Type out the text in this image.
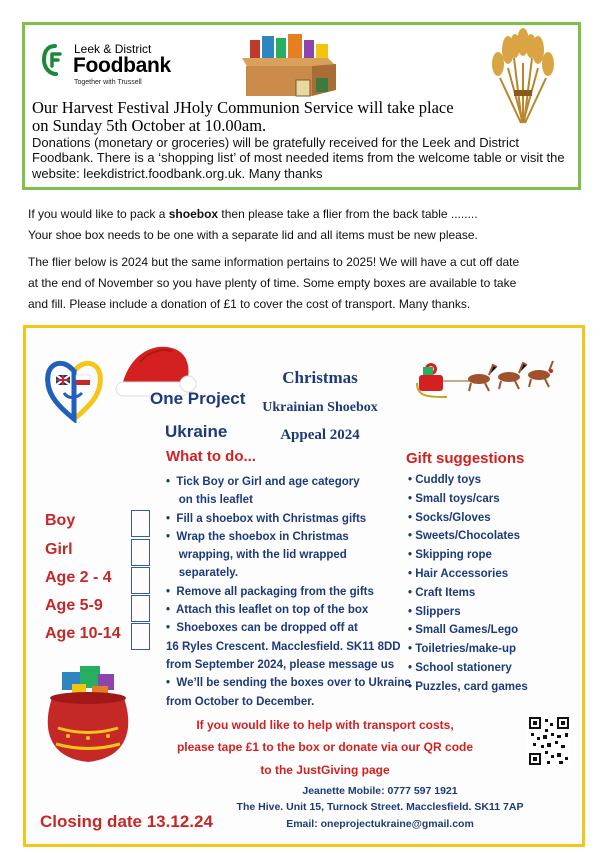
Leek & District
Foodbank
Together with Trussell
Our Harvest Festival JHoly Communion Service will take place
on Sunday 5th October at 10.00am.
Donations (monetary or groceries) will be gratefully received for the Leek and District Foodbank. There is a ‘shopping list’ of most needed items from the welcome table or visit the website: leekdistrict.foodbank.org.uk. Many thanks
If you would like to pack a shoebox then please take a flier from the back table ........
Your shoe box needs to be one with a separate lid and all items must be new please.
The flier below is 2024 but the same information pertains to 2025! We will have a cut off date
at the end of November so you have plenty of time. Some empty boxes are available to take
and fill. Please include a donation of £1 to cover the cost of transport. Many thanks.
One Project
Ukraine
Christmas
Ukrainian Shoebox
Appeal 2024
What to do...	Gift suggestions
Boy
Girl
Age 2 - 4
Age 5-9
Age 10-14
•  Tick Boy or Girl and age category
on this leaflet
•  Fill a shoebox with Christmas gifts
•  Wrap the shoebox in Christmas
wrapping, with the lid wrapped
separately.
•  Remove all packaging from the gifts
•  Attach this leaflet on top of the box
•  Shoeboxes can be dropped off at
16 Ryles Crescent. Macclesfield. SK11 8DD
from September 2024, please message us
•  We’ll be sending the boxes over to Ukraine
from October to December.
• Cuddly toys
• Small toys/cars
• Socks/Gloves
• Sweets/Chocolates
• Skipping rope
• Hair Accessories
• Craft Items
• Slippers
• Small Games/Lego
• Toiletries/make-up
• School stationery
• Puzzles, card games
If you would like to help with transport costs,
please tape £1 to the box or donate via our QR code
to the JustGiving page
Jeanette Mobile: 0777 597 1921
The Hive. Unit 15, Turnock Street. Macclesfield. SK11 7AP
Email: oneprojectukraine@gmail.com
Closing date 13.12.24
